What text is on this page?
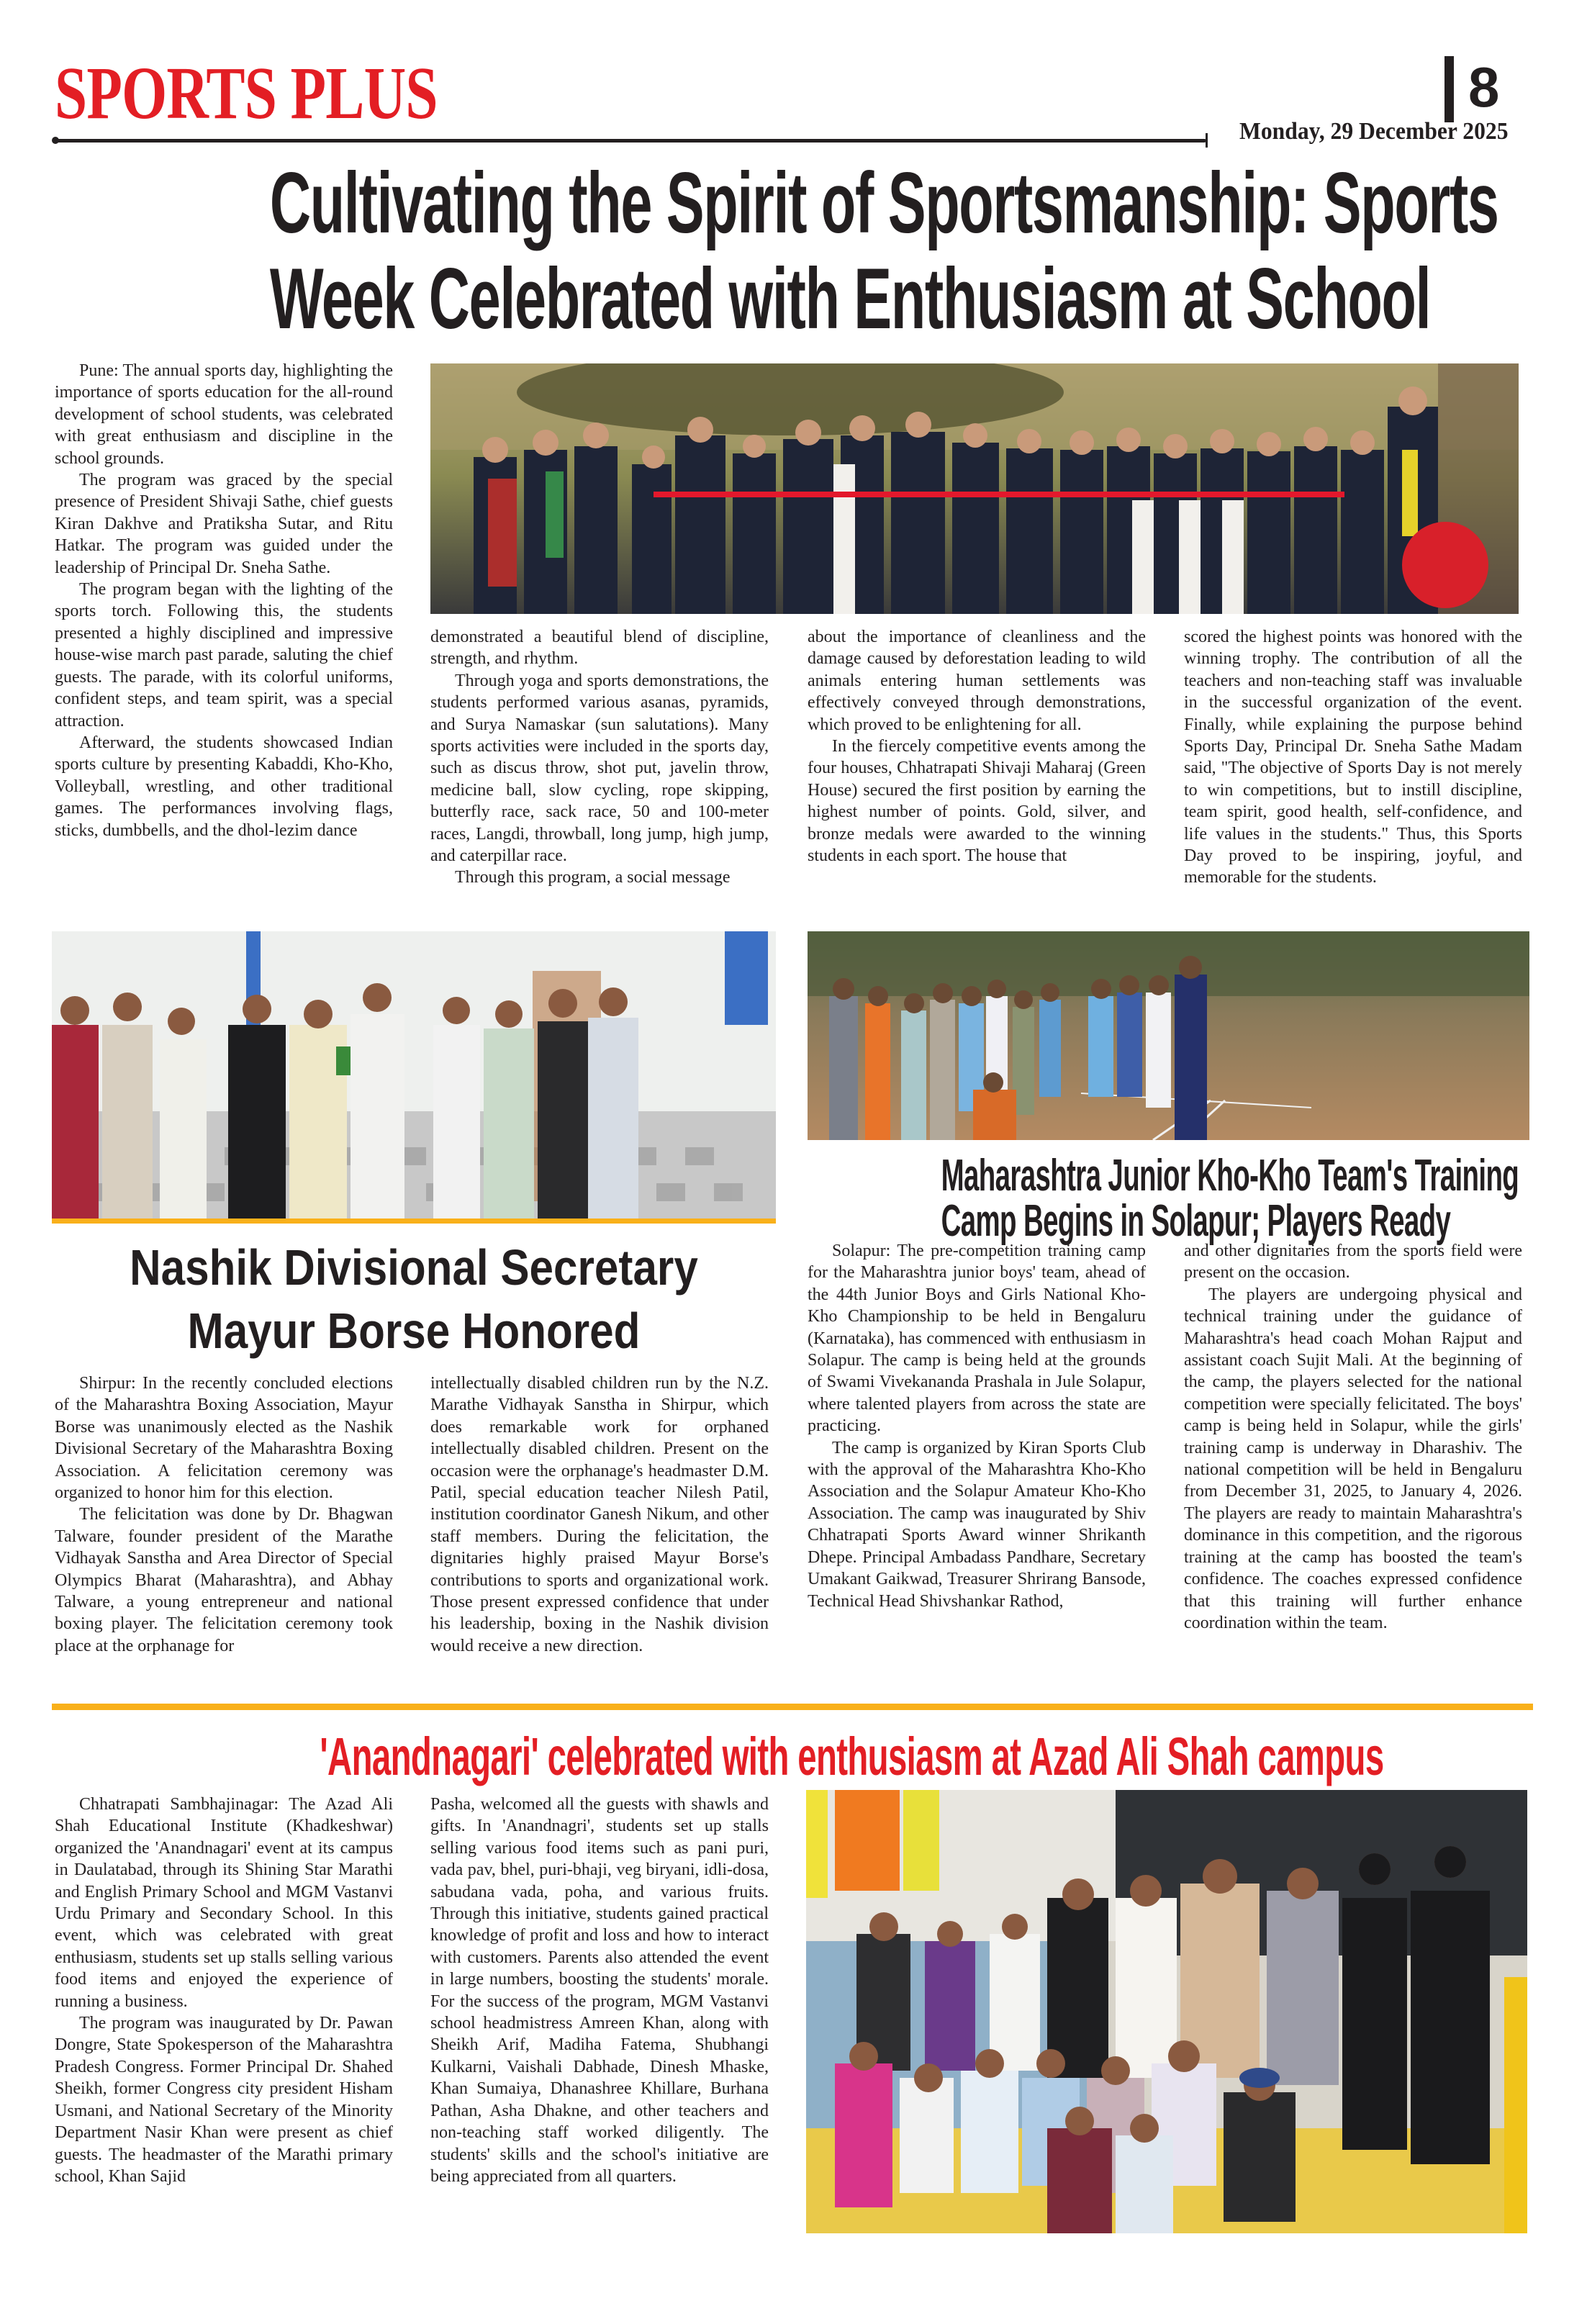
SPORTS PLUS	8
Monday, 29 December 2025
Cultivating the Spirit of Sportsmanship: Sports
Week Celebrated with Enthusiasm at School

Pune: The annual sports day, highlighting the importance of sports education for the all-round development of school students, was celebrated with great enthusiasm and discipline in the school grounds.

The program was graced by the special presence of President Shivaji Sathe, chief guests Kiran Dakhve and Pratiksha Sutar, and Ritu Hatkar. The program was guided under the leadership of Principal Dr. Sneha Sathe.

The program began with the lighting of the sports torch. Following this, the students presented a highly disciplined and impressive house-wise march past parade, saluting the chief guests. The parade, with its colorful uniforms, confident steps, and team spirit, was a special attraction.

Afterward, the students showcased Indian sports culture by presenting Kabaddi, Kho-Kho, Volleyball, wrestling, and other traditional games. The performances involving flags, sticks, dumbbells, and the dhol-lezim dance

demonstrated a beautiful blend of discipline, strength, and rhythm.

Through yoga and sports demonstrations, the students performed various asanas, pyramids, and Surya Namaskar (sun salutations). Many sports activities were included in the sports day, such as discus throw, shot put, javelin throw, medicine ball, slow cycling, rope skipping, butterfly race, sack race, 50 and 100-meter races, Langdi, throwball, long jump, high jump, and caterpillar race.

Through this program, a social message

about the importance of cleanliness and the damage caused by deforestation leading to wild animals entering human settlements was effectively conveyed through demonstrations, which proved to be enlightening for all.

In the fiercely competitive events among the four houses, Chhatrapati Shivaji Maharaj (Green House) secured the first position by earning the highest number of points. Gold, silver, and bronze medals were awarded to the winning students in each sport. The house that

scored the highest points was honored with the winning trophy. The contribution of all the teachers and non-teaching staff was invaluable in the successful organization of the event. Finally, while explaining the purpose behind Sports Day, Principal Dr. Sneha Sathe Madam said, "The objective of Sports Day is not merely to win competitions, but to instill discipline, team spirit, good health, self-confidence, and life values in the students." Thus, this Sports Day proved to be inspiring, joyful, and memorable for the students.

Nashik Divisional Secretary
Mayur Borse Honored

Shirpur: In the recently concluded elections of the Maharashtra Boxing Association, Mayur Borse was unanimously elected as the Nashik Divisional Secretary of the Maharashtra Boxing Association. A felicitation ceremony was organized to honor him for this election.

The felicitation was done by Dr. Bhagwan Talware, founder president of the Marathe Vidhayak Sanstha and Area Director of Special Olympics Bharat (Maharashtra), and Abhay Talware, a young entrepreneur and national boxing player. The felicitation ceremony took place at the orphanage for

intellectually disabled children run by the N.Z. Marathe Vidhayak Sanstha in Shirpur, which does remarkable work for orphaned intellectually disabled children. Present on the occasion were the orphanage's headmaster D.M. Patil, special education teacher Nilesh Patil, institution coordinator Ganesh Nikum, and other staff members. During the felicitation, the dignitaries highly praised Mayur Borse's contributions to sports and organizational work. Those present expressed confidence that under his leadership, boxing in the Nashik division would receive a new direction.

Maharashtra Junior Kho-Kho Team's Training
Camp Begins in Solapur; Players Ready

Solapur: The pre-competition training camp for the Maharashtra junior boys' team, ahead of the 44th Junior Boys and Girls National Kho-Kho Championship to be held in Bengaluru (Karnataka), has commenced with enthusiasm in Solapur. The camp is being held at the grounds of Swami Vivekananda Prashala in Jule Solapur, where talented players from across the state are practicing.

The camp is organized by Kiran Sports Club with the approval of the Maharashtra Kho-Kho Association and the Solapur Amateur Kho-Kho Association. The camp was inaugurated by Shiv Chhatrapati Sports Award winner Shrikanth Dhepe. Principal Ambadass Pandhare, Secretary Umakant Gaikwad, Treasurer Shrirang Bansode, Technical Head Shivshankar Rathod,

and other dignitaries from the sports field were present on the occasion.

The players are undergoing physical and technical training under the guidance of Maharashtra's head coach Mohan Rajput and assistant coach Sujit Mali. At the beginning of the camp, the players selected for the national competition were specially felicitated. The boys' camp is being held in Solapur, while the girls' training camp is underway in Dharashiv. The national competition will be held in Bengaluru from December 31, 2025, to January 4, 2026. The players are ready to maintain Maharashtra's dominance in this competition, and the rigorous training at the camp has boosted the team's confidence. The coaches expressed confidence that this training will further enhance coordination within the team.

'Anandnagari' celebrated with enthusiasm at Azad Ali Shah campus

Chhatrapati Sambhajinagar: The Azad Ali Shah Educational Institute (Khadkeshwar) organized the 'Anandnagari' event at its campus in Daulatabad, through its Shining Star Marathi and English Primary School and MGM Vastanvi Urdu Primary and Secondary School. In this event, which was celebrated with great enthusiasm, students set up stalls selling various food items and enjoyed the experience of running a business.

The program was inaugurated by Dr. Pawan Dongre, State Spokesperson of the Maharashtra Pradesh Congress. Former Principal Dr. Shahed Sheikh, former Congress city president Hisham Usmani, and National Secretary of the Minority Department Nasir Khan were present as chief guests. The headmaster of the Marathi primary school, Khan Sajid

Pasha, welcomed all the guests with shawls and gifts. In 'Anandnagri', students set up stalls selling various food items such as pani puri, vada pav, bhel, puri-bhaji, veg biryani, idli-dosa, sabudana vada, poha, and various fruits. Through this initiative, students gained practical knowledge of profit and loss and how to interact with customers. Parents also attended the event in large numbers, boosting the students' morale. For the success of the program, MGM Vastanvi school headmistress Amreen Khan, along with Sheikh Arif, Madiha Fatema, Shubhangi Kulkarni, Vaishali Dabhade, Dinesh Mhaske, Khan Sumaiya, Dhanashree Khillare, Burhana Pathan, Asha Dhakne, and other teachers and non-teaching staff worked diligently. The students' skills and the school's initiative are being appreciated from all quarters.
